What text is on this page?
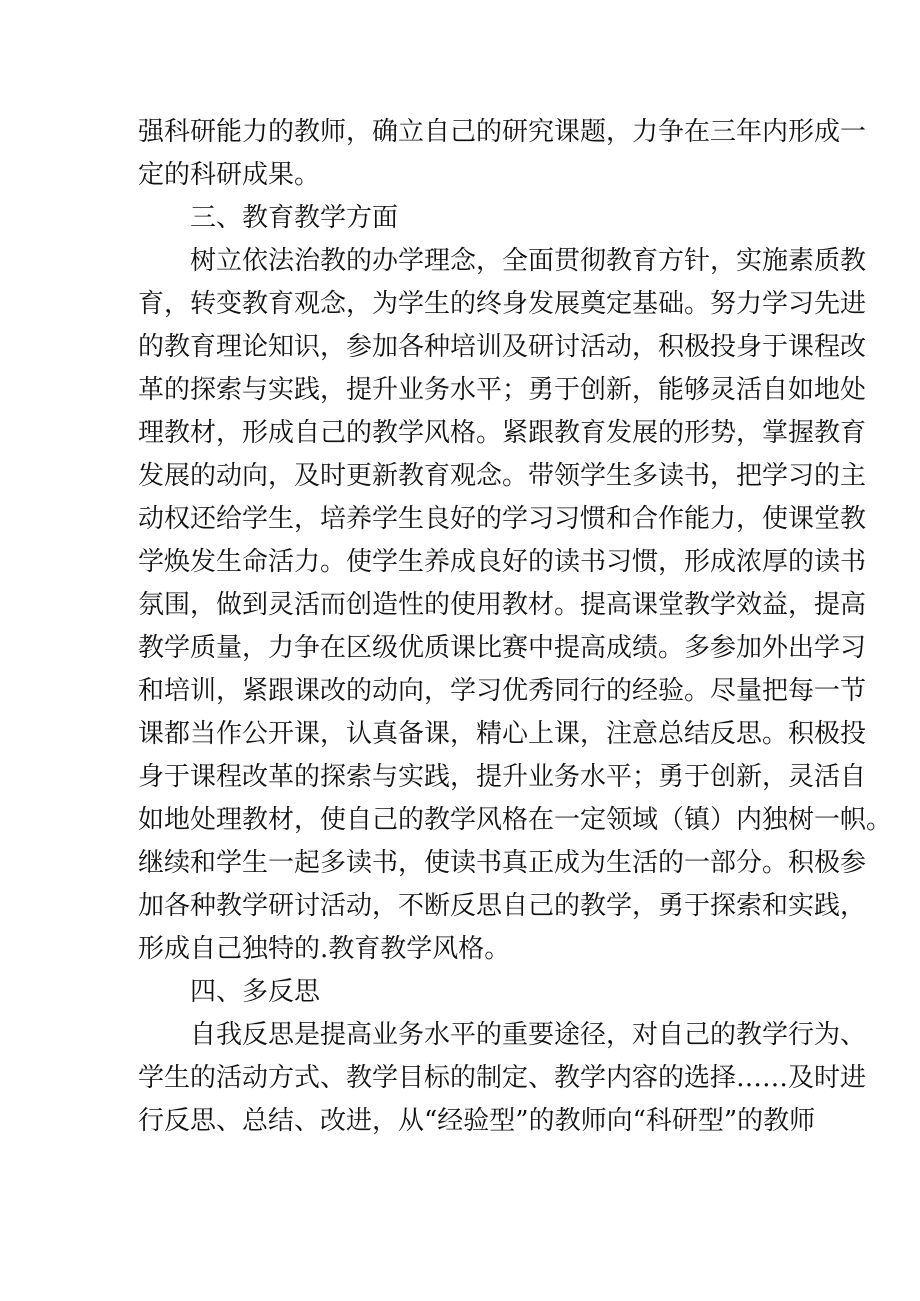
强科研能力的教师，确立自己的研究课题，力争在三年内形成一

定的科研成果。

三、教育教学方面

树立依法治教的办学理念，全面贯彻教育方针，实施素质教

育，转变教育观念，为学生的终身发展奠定基础。努力学习先进

的教育理论知识，参加各种培训及研讨活动，积极投身于课程改

革的探索与实践，提升业务水平；勇于创新，能够灵活自如地处

理教材，形成自己的教学风格。紧跟教育发展的形势，掌握教育

发展的动向，及时更新教育观念。带领学生多读书，把学习的主

动权还给学生，培养学生良好的学习习惯和合作能力，使课堂教

学焕发生命活力。使学生养成良好的读书习惯，形成浓厚的读书

氛围，做到灵活而创造性的使用教材。提高课堂教学效益，提高

教学质量，力争在区级优质课比赛中提高成绩。多参加外出学习

和培训，紧跟课改的动向，学习优秀同行的经验。尽量把每一节

课都当作公开课，认真备课，精心上课，注意总结反思。积极投

身于课程改革的探索与实践，提升业务水平；勇于创新，灵活自

如地处理教材，使自己的教学风格在一定领域（镇）内独树一帜。

继续和学生一起多读书，使读书真正成为生活的一部分。积极参

加各种教学研讨活动，不断反思自己的教学，勇于探索和实践，

形成自己独特的.教育教学风格。

四、多反思

自我反思是提高业务水平的重要途径，对自己的教学行为、

学生的活动方式、教学目标的制定、教学内容的选择……及时进

行反思、总结、改进，从“经验型”的教师向“科研型”的教师
